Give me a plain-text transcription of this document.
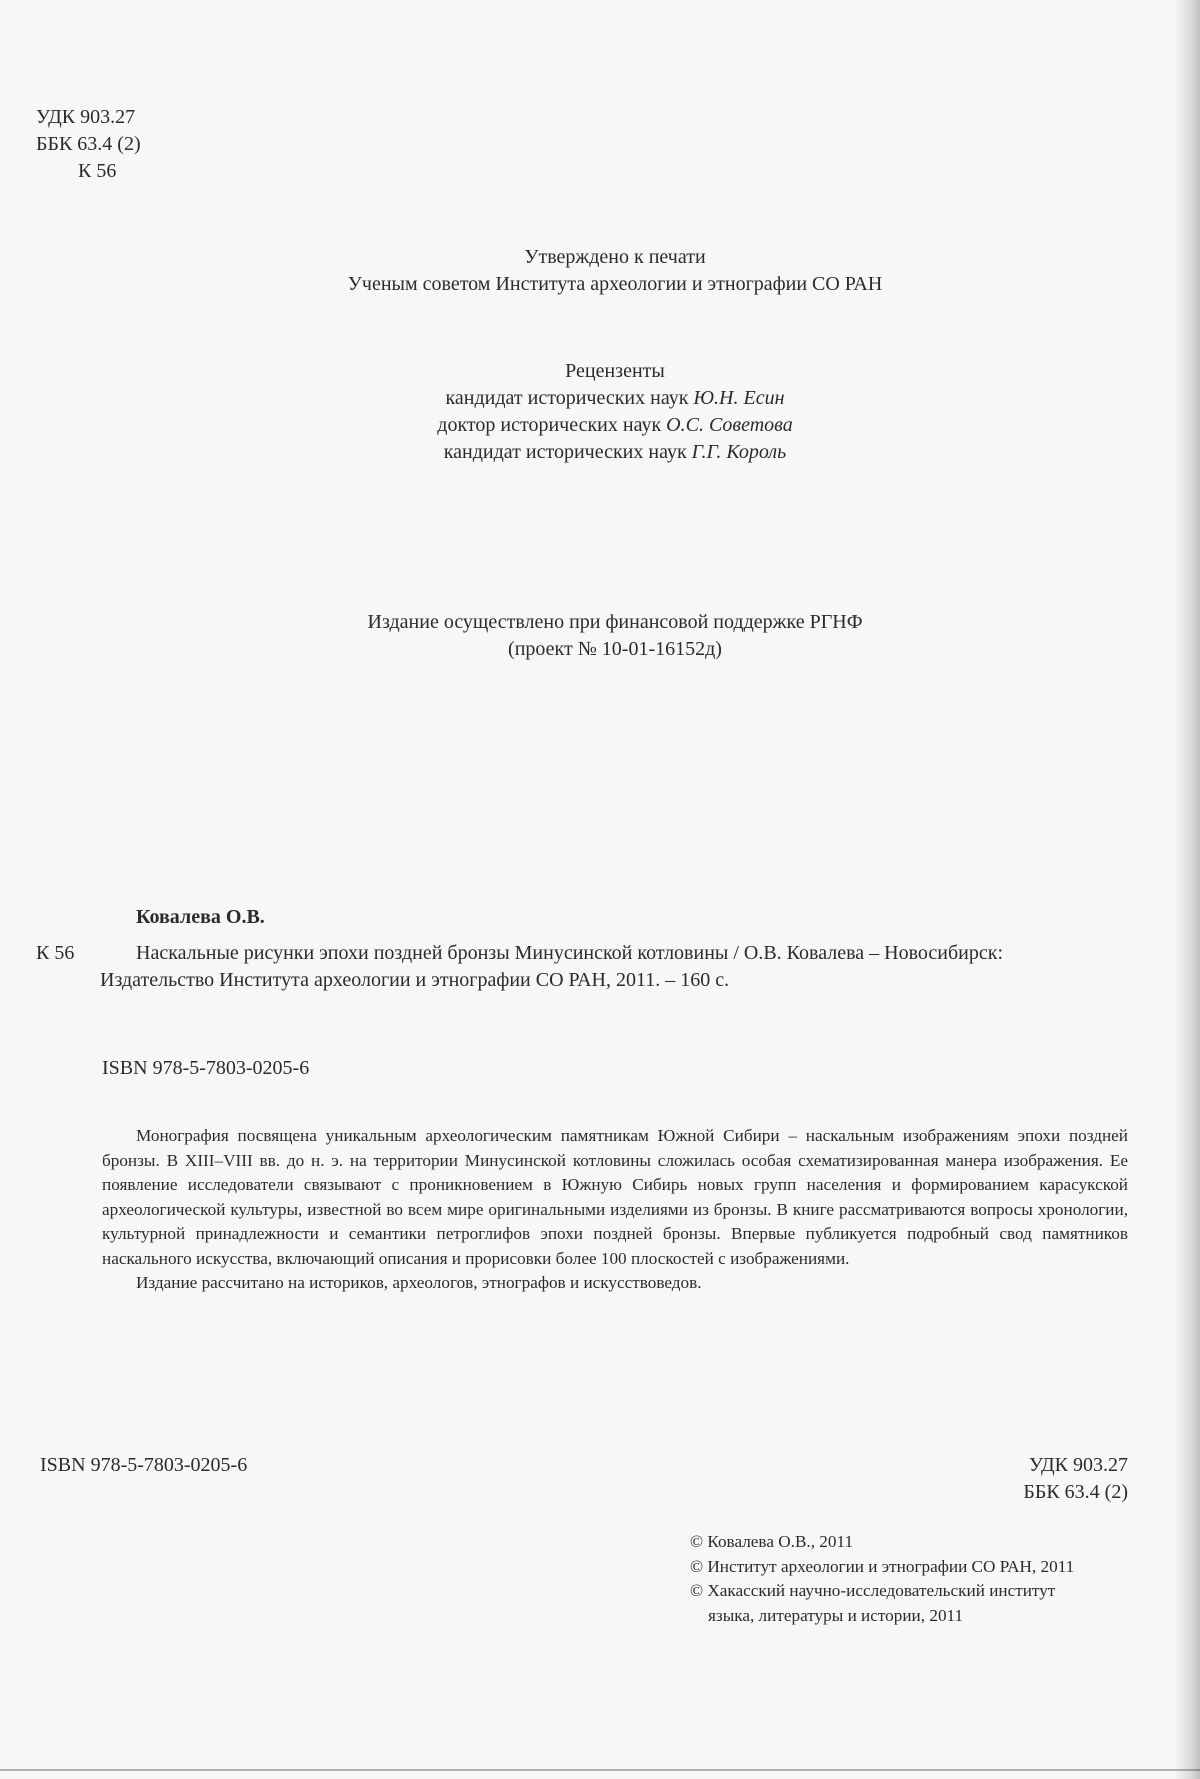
УДК 903.27
ББК 63.4 (2)
К 56
Утверждено к печати
Ученым советом Института археологии и этнографии СО РАН
Рецензенты
кандидат исторических наук Ю.Н. Есин
доктор исторических наук О.С. Советова
кандидат исторических наук Г.Г. Король
Издание осуществлено при финансовой поддержке РГНФ
(проект № 10-01-16152д)
Ковалева О.В.
К 56	Наскальные рисунки эпохи поздней бронзы Минусинской котловины / О.В. Ковалева – Новосибирск:
Издательство Института археологии и этнографии СО РАН, 2011. – 160 с.
ISBN 978-5-7803-0205-6

Монография посвящена уникальным археологическим памятникам Южной Сибири – наскальным изображениям эпохи поздней бронзы. В XIII–VIII вв. до н. э. на территории Минусинской котловины сложилась особая схематизированная манера изображения. Ее появление исследователи связывают с проникновением в Южную Сибирь новых групп населения и формированием карасукской археологической культуры, известной во всем мире оригинальными изделиями из бронзы. В книге рассматриваются вопросы хронологии, культурной принадлежности и семантики петроглифов эпохи поздней бронзы. Впервые публикуется подробный свод памятников наскального искусства, включающий описания и прорисовки более 100 плоскостей с изображениями.

Издание рассчитано на историков, археологов, этнографов и искусствоведов.

ISBN 978-5-7803-0205-6	УДК 903.27
ББК 63.4 (2)
© Ковалева О.В., 2011
© Институт археологии и этнографии СО РАН, 2011
© Хакасский научно-исследовательский институт
языка, литературы и истории, 2011
